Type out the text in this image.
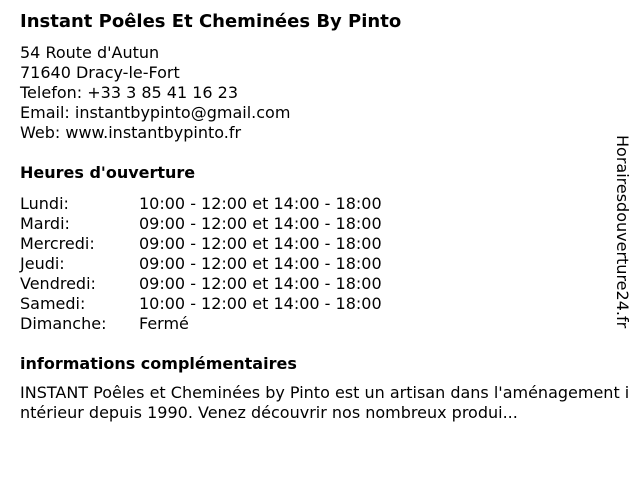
Instant Poêles Et Cheminées By Pinto
54 Route d'Autun
71640 Dracy-le-Fort
Telefon: +33 3 85 41 16 23
Email: instantbypinto@gmail.com
Web: www.instantbypinto.fr
Heures d'ouverture
Lundi:	10:00 - 12:00 et 14:00 - 18:00
Mardi:	09:00 - 12:00 et 14:00 - 18:00
Mercredi:	09:00 - 12:00 et 14:00 - 18:00
Jeudi:	09:00 - 12:00 et 14:00 - 18:00
Vendredi:	09:00 - 12:00 et 14:00 - 18:00
Samedi:	10:00 - 12:00 et 14:00 - 18:00
Dimanche: Fermé
informations complémentaires
INSTANT Poêles et Cheminées by Pinto est un artisan dans l'aménagement intérieur depuis 1990. Venez découvrir nos nombreux produi...
Horairesdouverture24.fr
